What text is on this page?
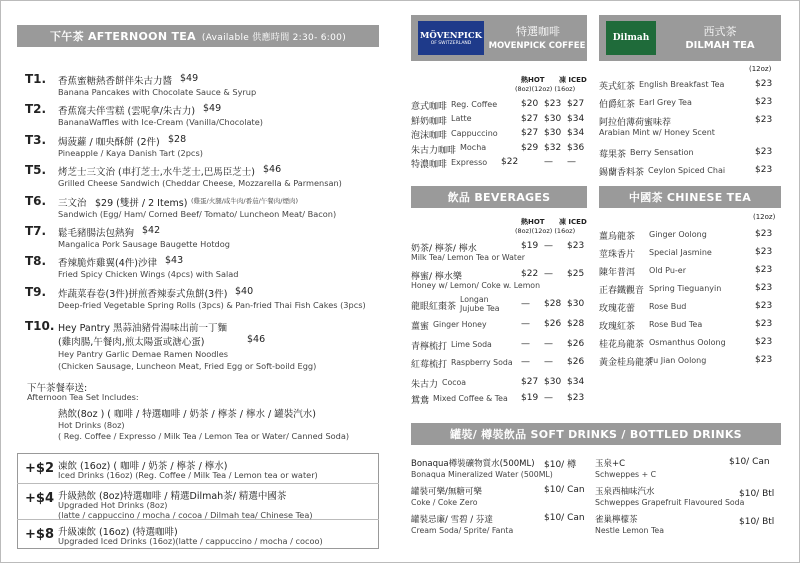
下午茶 AFTERNOON TEA (Available 供應時間 2:30- 6:00)
T1. 香蕉蜜糖熱香餅伴朱古力醬 $49
Banana Pancakes with Chocolate Sauce & Syrup
T2. 香蕉窩夫伴雪糕 (雲呢拿/朱古力) $49
BananaWaffles with Ice-Cream (Vanilla/Chocolate)
T3. 焗菠蘿 / 咖央酥餅 (2件) $28
Pineapple / Kaya Danish Tart (2pcs)
T5. 烤芝士三文治 (車打芝士,水牛芝士,巴馬臣芝士) $46
Grilled Cheese Sandwich (Cheddar Cheese, Mozzarella & Parmensan)
T6. 三文治 $29 (雙拼 / 2 Items) (雞蛋/火腿/咸牛肉/番茄/午餐肉/煙肉)
Sandwich (Egg/ Ham/ Corned Beef/ Tomato/ Luncheon Meat/ Bacon)
T7. 鬆毛豬腸法包熱狗 $42
Mangalica Pork Sausage Baugette Hotdog
T8. 香辣脆炸雞翼(4件)沙律 $43
Fried Spicy Chicken Wings (4pcs) with Salad
T9. 炸蔬菜春卷(3件)拼煎香辣泰式魚餅(3件) $40
Deep-fried Vegetable Spring Rolls (3pcs) & Pan-fried Thai Fish Cakes (3pcs)
T10. Hey Pantry 黑蒜油豬骨湯味出前一丁麵
(雞肉腸,午餐肉,煎太陽蛋或溏心蛋)	$46
Hey Pantry Garlic Demae Ramen Noodles
(Chicken Sausage, Luncheon Meat, Fried Egg or Soft-boild Egg)
下午茶餐奉送:
Afternoon Tea Set Includes:
熱飲(8oz ) ( 咖啡 / 特選咖啡 / 奶茶 / 檸茶 / 檸水 / 罐裝汽水)
Hot Drinks (8oz)
( Reg. Coffee / Expresso / Milk Tea / Lemon Tea or Water/ Canned Soda)
+$2 凍飲 (16oz) ( 咖啡 / 奶茶 / 檸茶 / 檸水)
Iced Drinks (16oz) (Reg. Coffee / Milk Tea / Lemon tea or water)
+$4 升級熱飲 (8oz)特選咖啡 / 精選Dilmah茶/ 精選中國茶
Upgraded Hot Drinks (8oz)
(latte / cappuccino / mocha / cocoa / Dilmah tea/ Chinese Tea)
+$8 升級凍飲 (16oz) (特選咖啡)
Upgraded Iced Drinks (16oz)(latte / cappuccino / mocha / cocoo)
MÖVENPICK
OF SWITZERLAND
特選咖啡
MOVENPICK COFFEE
熱HOT 凍 ICED
(8oz)(12oz) (16oz)
意式咖啡 Reg. Coffee	$20 $23 $27
鮮奶咖啡 Latte	$27 $30 $34
泡沫咖啡 Cappuccino	$27 $30 $34
朱古力咖啡 Mocha	$29 $32 $36
特濃咖啡 Expresso $22	— —
飲品 BEVERAGES
熱HOT 凍 ICED
(8oz)(12oz) (16oz)
奶茶/ 檸茶/ 檸水
Milk Tea/ Lemon Tea or Water
$19 — $23
檸蜜/ 檸水樂
Honey w/ Lemon/ Coke w. Lemon
$22 — $25
龍眼紅棗茶
Longan Jujube Tea — $28 $30
薑蜜 Ginger Honey	— $26 $28
青檸梳打 Lime Soda	— — $26
紅莓梳打 Raspberry Soda — — $26
朱古力 Cocoa	$27 $30 $34
鴛鴦 Mixed Coffee & Tea $19 — $23
Dilmah	西式茶
DILMAH TEA
(12oz)
英式紅茶 English Breakfast Tea	$23
伯爵紅茶 Earl Grey Tea	$23
阿拉伯薄荷蜜味荐
Arabian Mint w/ Honey Scent
$23
莓果茶 Berry Sensation	$23
錫蘭香料茶 Ceylon Spiced Chai	$23
中國茶 CHINESE TEA
(12oz)
薑烏龍茶 Ginger Oolong	$23
莖珠香片 Special Jasmine	$23
陳年普洱 Old Pu-er	$23
正春鐵觀音 Spring Tieguanyin	$23
玫瑰花蕾 Rose Bud	$23
玫瑰紅茶 Rose Bud Tea	$23
桂花烏龍茶 Osmanthus Oolong	$23
黃金桂烏龍茶
Fu Jian Oolong	$23
罐裝/ 樽裝飲品 SOFT DRINKS / BOTTLED DRINKS
Bonaqua樽裝礦物質水(500ML)
Bonaqua Mineralized Water (500ML)
$10/ 樽
罐裝可樂/無糖可樂
Coke / Coke Zero
$10/ Can
罐裝忌廉/ 雪碧 / 芬達
Cream Soda/ Sprite/ Fanta
$10/ Can
玉泉+C
Schweppes + C
$10/ Can
玉泉西柚味汽水
Schweppes Grapefruit Flavoured Soda
$10/ Btl
雀巢檸檬茶
Nestle Lemon Tea
$10/ Btl
